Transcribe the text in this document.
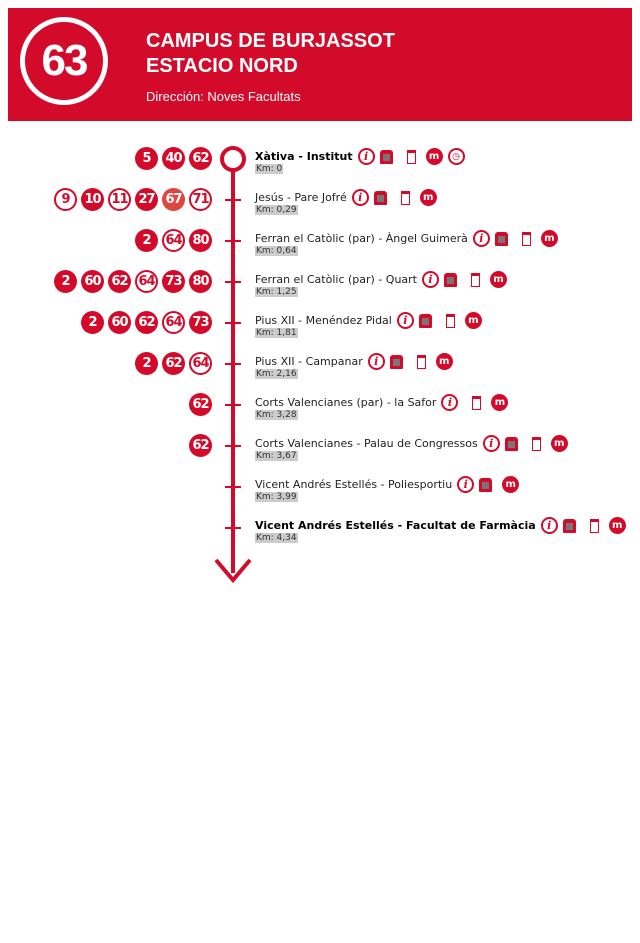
63	CAMPUS DE BURJASSOT
ESTACIO NORD
Dirección: Noves Facultats
5	40 62	Xàtiva - Institut	i	m	◷
Km: 0
9	10 11 27 67 71	Jesús - Pare Jofré	i	m
Km: 0,29
2	64 80	Ferran el Catòlic (par) - Àngel Guimerà	i	m
Km: 0,64
2	60 62 64 73 80	Ferran el Catòlic (par) - Quart	i	m
Km: 1,25
2	60 62 64 73	Pius XII - Menéndez Pidal	i	m
Km: 1,81
2	62 64	Pius XII - Campanar	i	m
Km: 2,16
62	Corts Valencianes (par) - la Safor	i	m
Km: 3,28
62	Corts Valencianes - Palau de Congressos	i	m
Km: 3,67
Vicent Andrés Estellés - Poliesportiu	i	m
Km: 3,99
Vicent Andrés Estellés - Facultat de Farmàcia	i	m
Km: 4,34
